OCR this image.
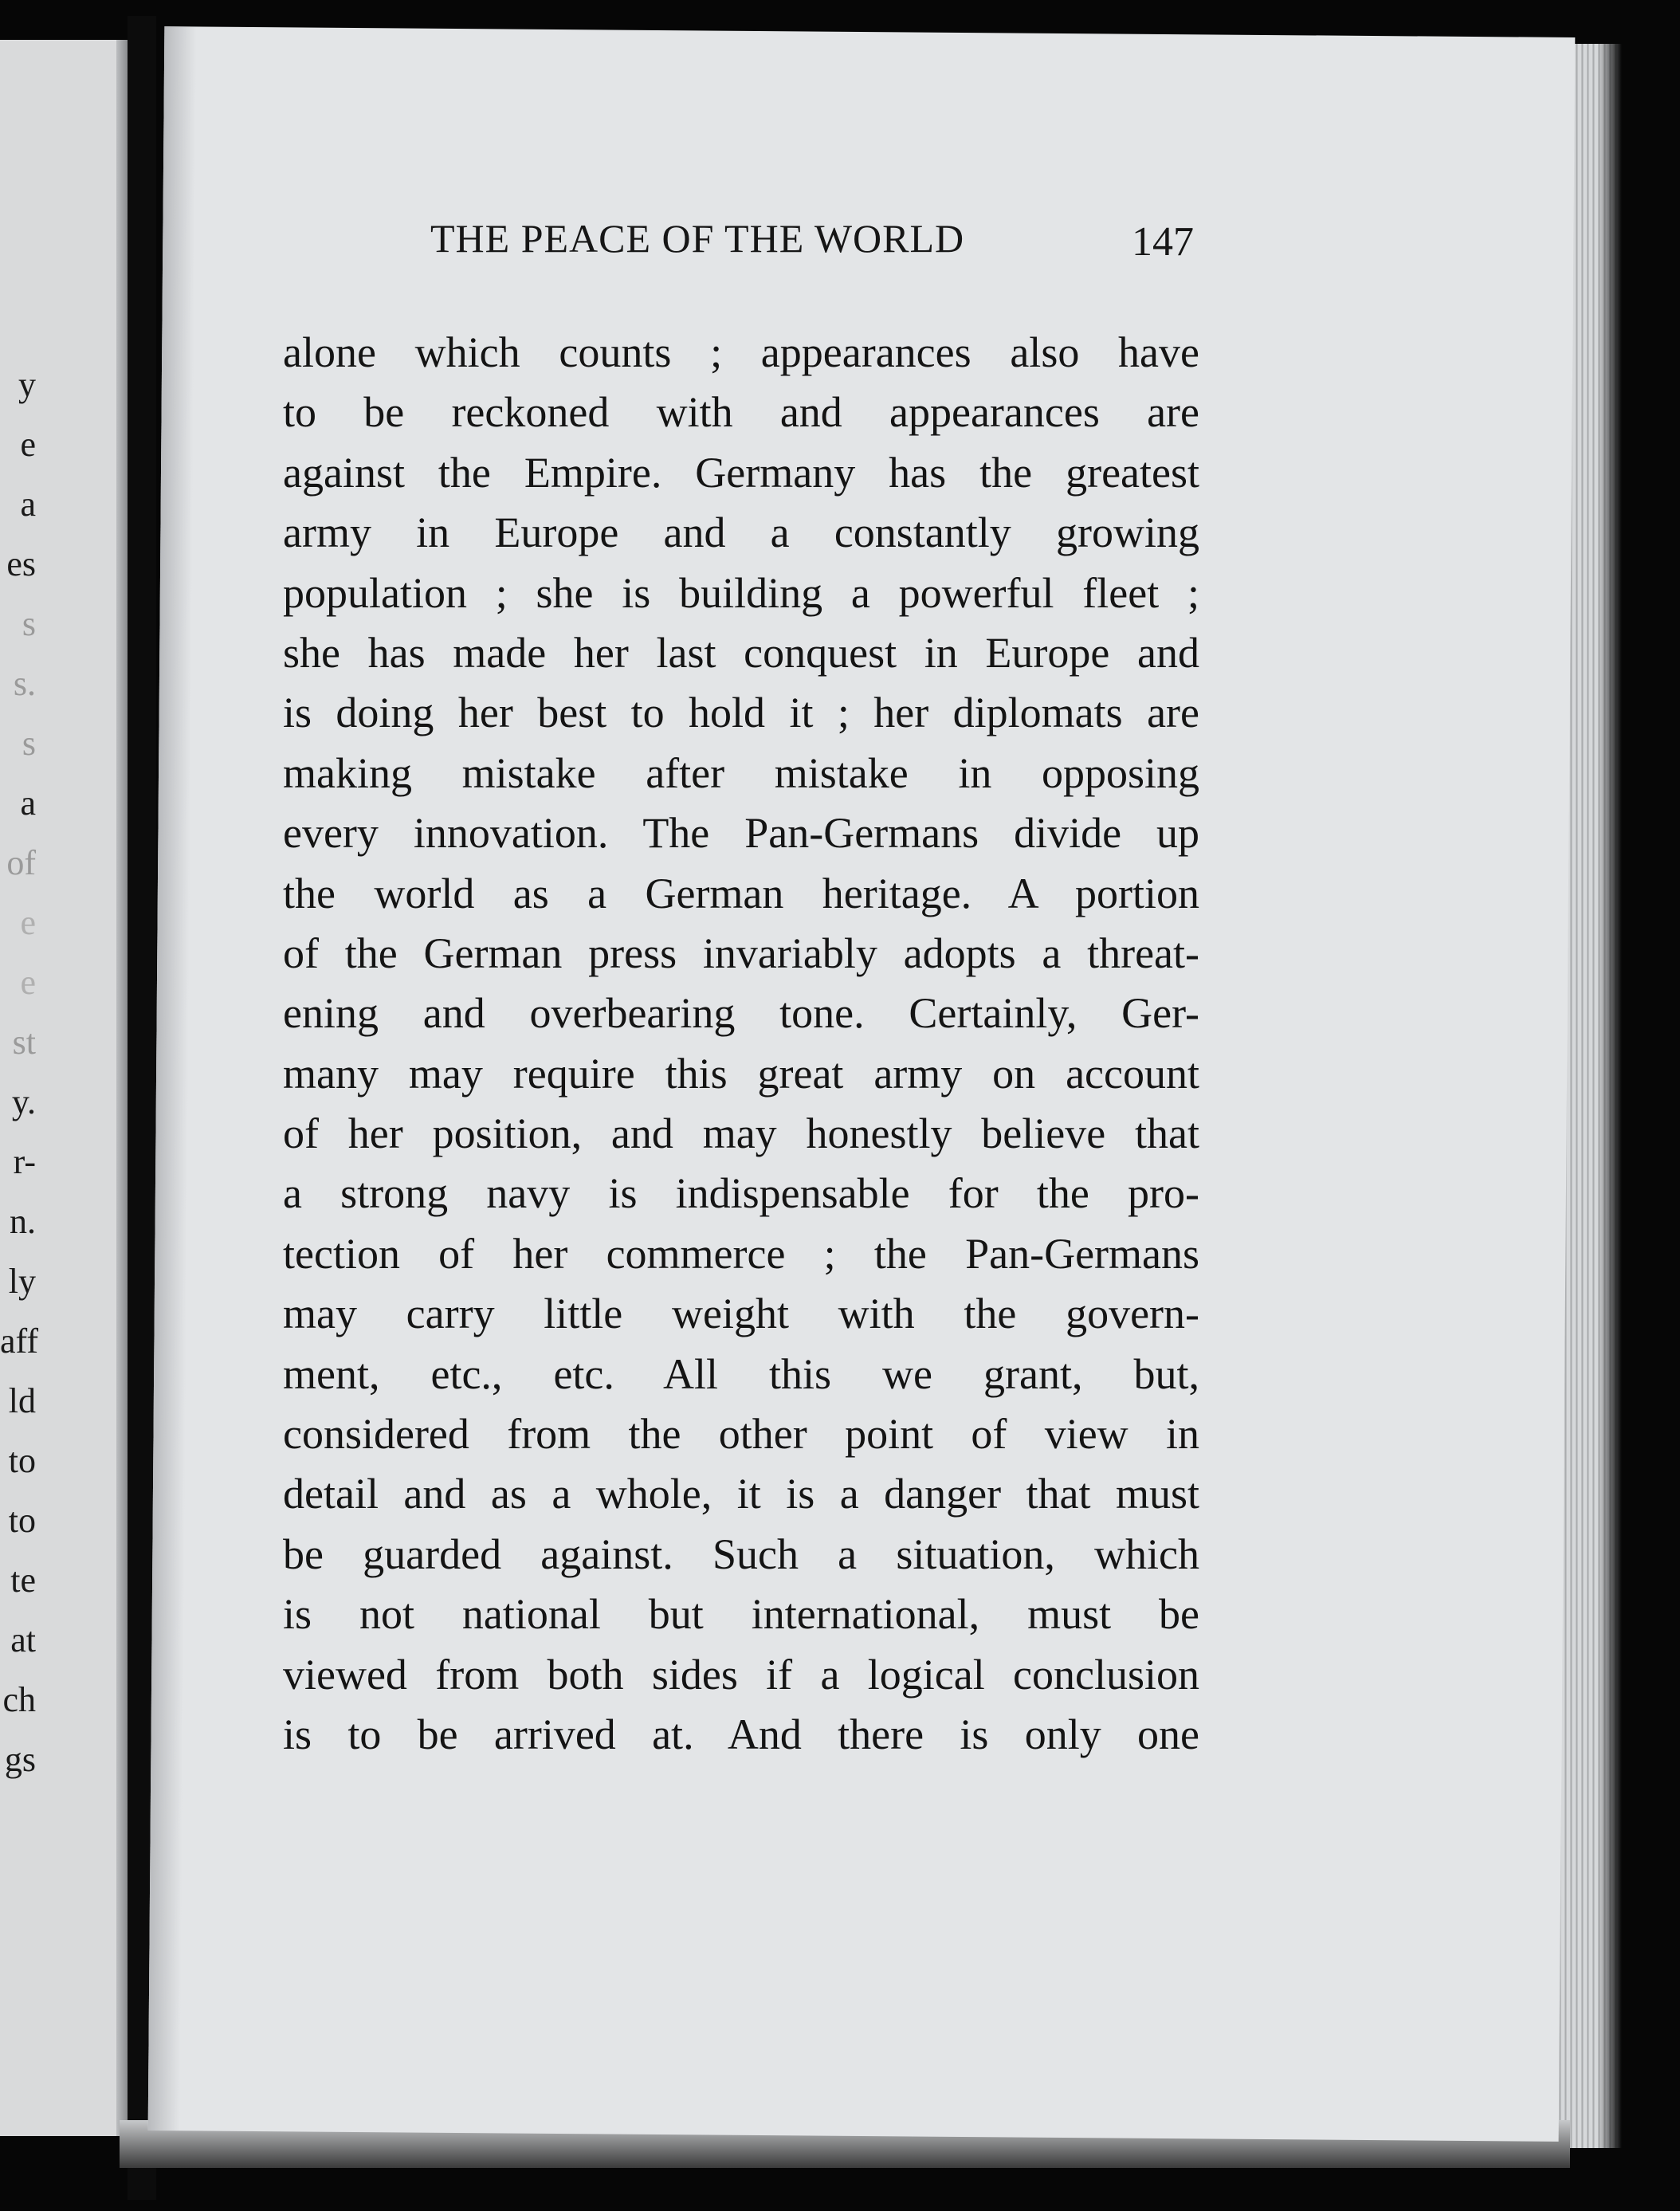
y
e
a
es
s
s.
s
a
of
e
e
st
y.
r-
n.
ly
aff
ld
to
to
te
at
ch
gs
THE PEACE OF THE WORLD	147
alone which counts ; appearances also have
to be reckoned with and appearances are
against the Empire. Germany has the greatest
army in Europe and a constantly growing
population ; she is building a powerful fleet ;
she has made her last conquest in Europe and
is doing her best to hold it ; her diplomats are
making mistake after mistake in opposing
every innovation. The Pan-Germans divide up
the world as a German heritage. A portion
of the German press invariably adopts a threat-
ening and overbearing tone. Certainly, Ger-
many may require this great army on account
of her position, and may honestly believe that
a strong navy is indispensable for the pro-
tection of her commerce ; the Pan-Germans
may carry little weight with the govern-
ment, etc., etc. All this we grant, but,
considered from the other point of view in
detail and as a whole, it is a danger that must
be guarded against. Such a situation, which
is not national but international, must be
viewed from both sides if a logical conclusion
is to be arrived at. And there is only one
